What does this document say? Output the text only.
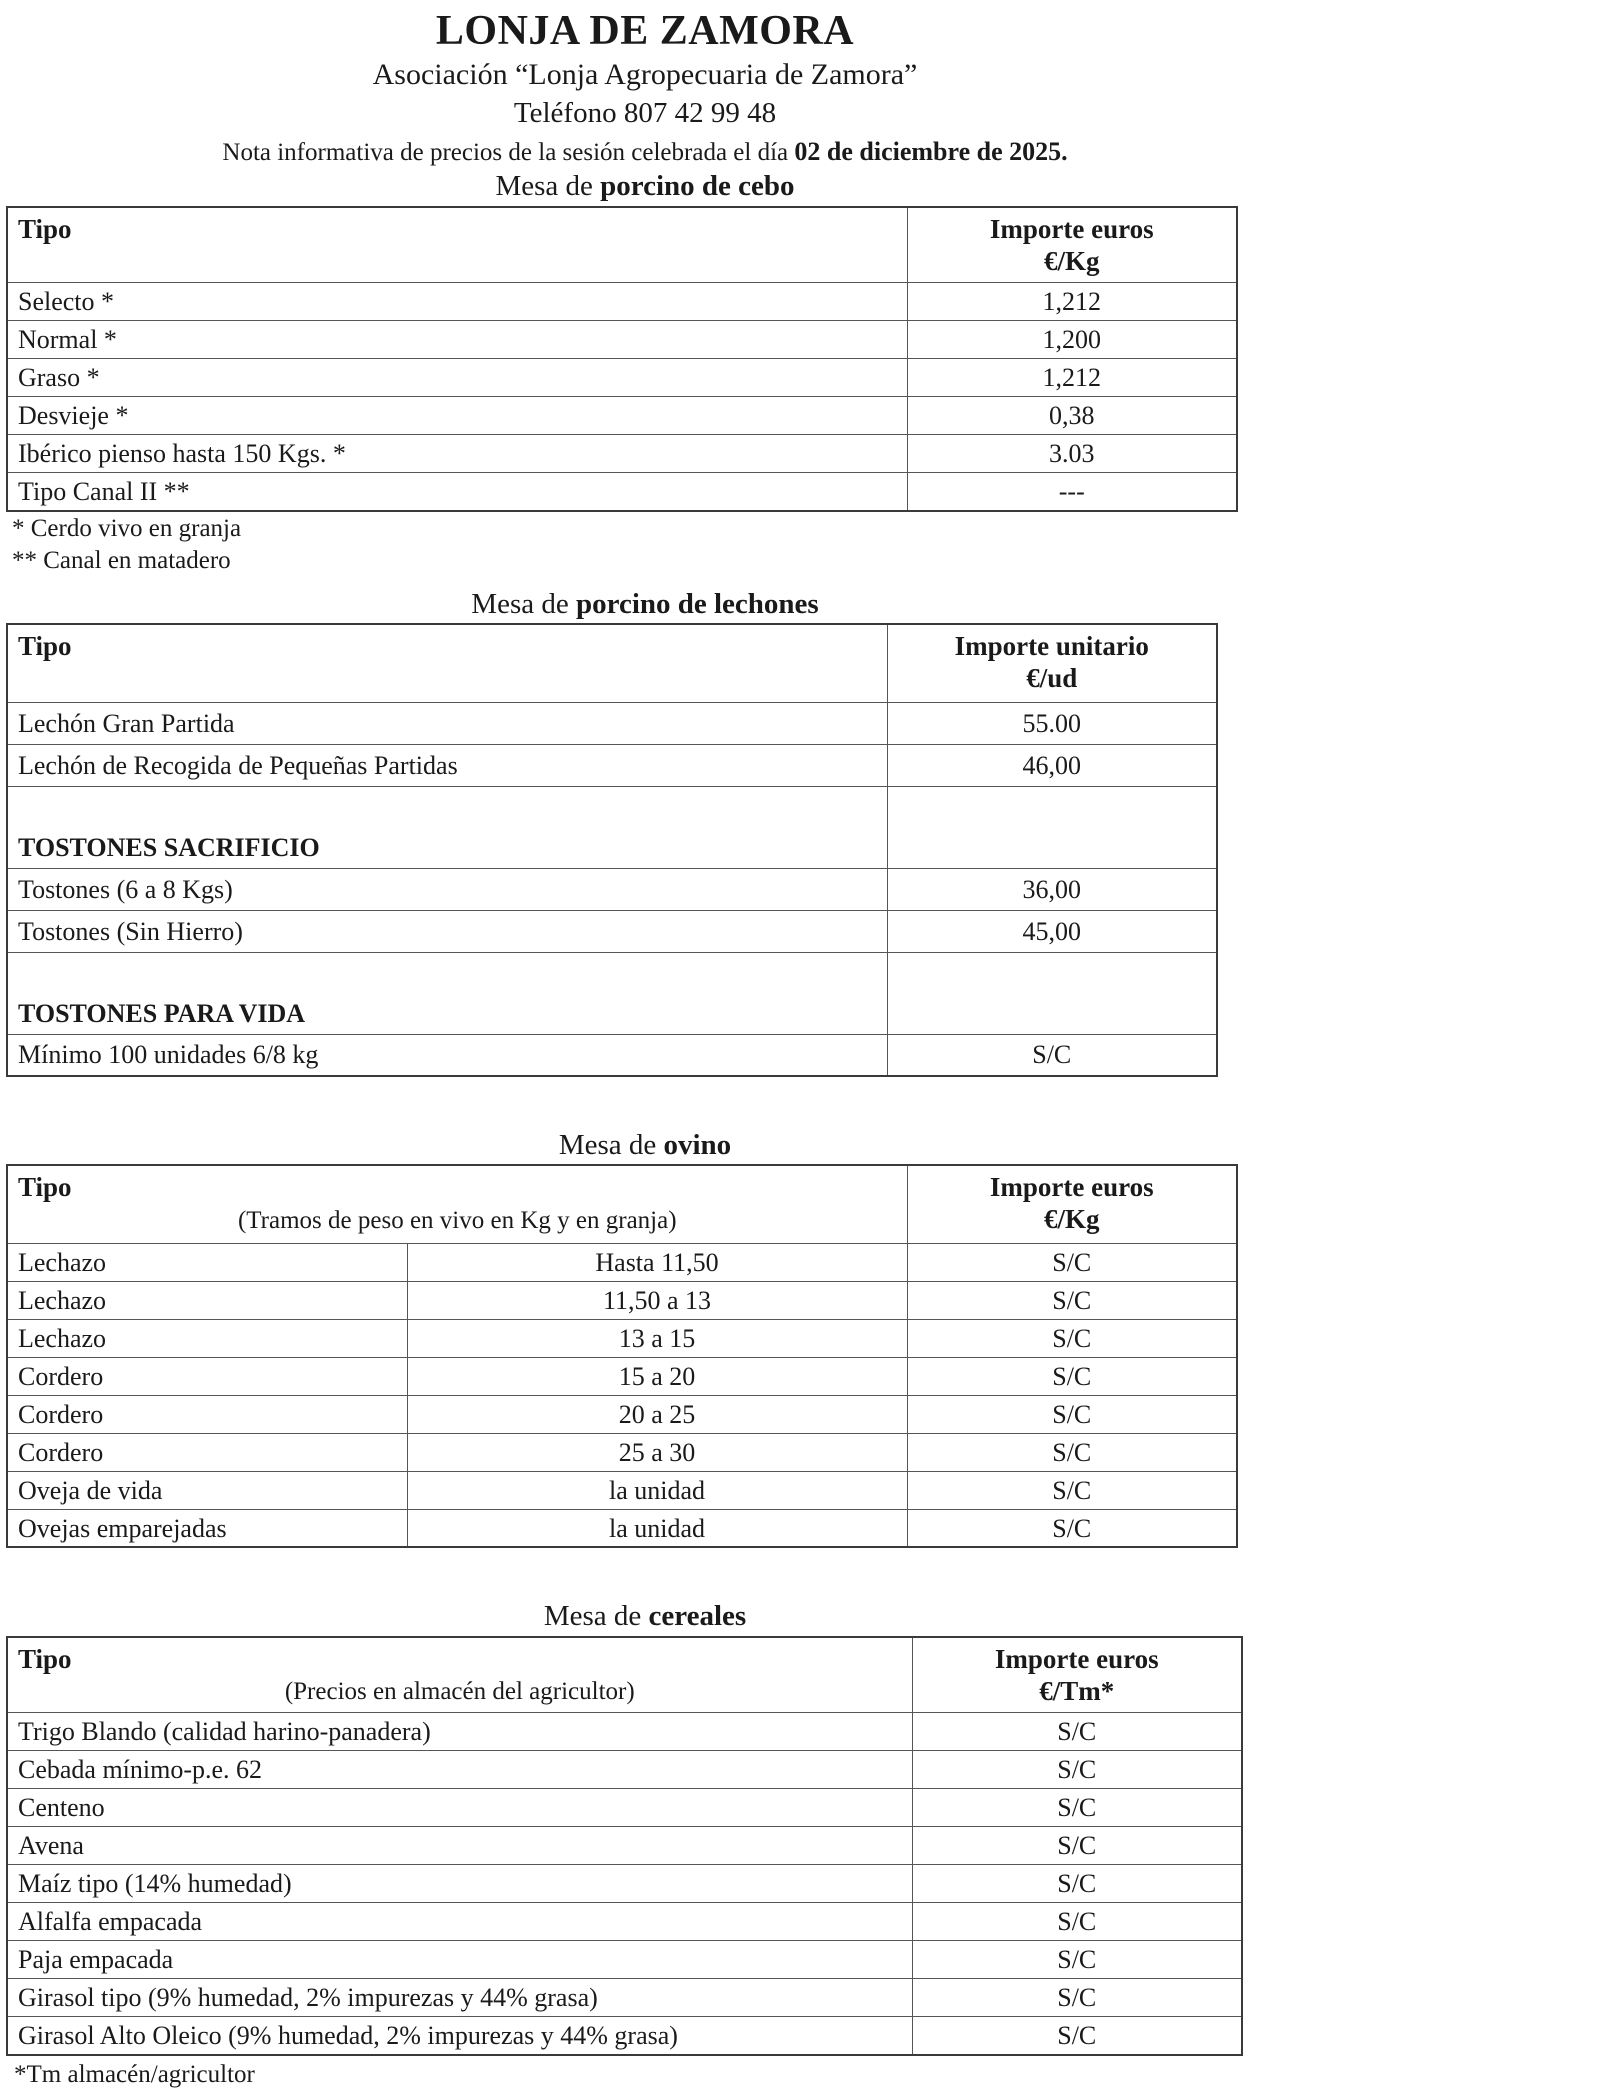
LONJA DE ZAMORA
Asociación “Lonja Agropecuaria de Zamora”
Teléfono 807 42 99 48
Nota informativa de precios de la sesión celebrada el día 02 de diciembre de 2025.
Mesa de porcino de cebo
Tipo	Importe euros
€/Kg

Selecto *	1,212
Normal *	1,200
Graso *	1,212
Desvieje *	0,38
Ibérico pienso hasta 150 Kgs. *	3.03
Tipo Canal II **	---
* Cerdo vivo en granja
** Canal en matadero
Mesa de porcino de lechones
Tipo	Importe unitario
€/ud

Lechón Gran Partida	55.00
Lechón de Recogida de Pequeñas Partidas	46,00
TOSTONES SACRIFICIO	
Tostones (6 a 8 Kgs)	36,00
Tostones (Sin Hierro)	45,00
TOSTONES PARA VIDA	
Mínimo 100 unidades 6/8 kg	S/C
Mesa de ovino
Tipo
(Tramos de peso en vivo en Kg y en granja)		Importe euros
€/Kg

Lechazo	Hasta 11,50	S/C
Lechazo	11,50 a 13	S/C
Lechazo	13 a 15	S/C
Cordero	15 a 20	S/C
Cordero	20 a 25	S/C
Cordero	25 a 30	S/C
Oveja de vida	la unidad	S/C
Ovejas emparejadas	la unidad	S/C
Mesa de cereales
Tipo
(Precios en almacén del agricultor)	Importe euros
€/Tm*

Trigo Blando (calidad harino-panadera)	S/C
Cebada mínimo-p.e. 62	S/C
Centeno	S/C
Avena	S/C
Maíz tipo (14% humedad)	S/C
Alfalfa empacada	S/C
Paja empacada	S/C
Girasol tipo (9% humedad, 2% impurezas y 44% grasa)	S/C
Girasol Alto Oleico (9% humedad, 2% impurezas y 44% grasa)	S/C
*Tm almacén/agricultor
